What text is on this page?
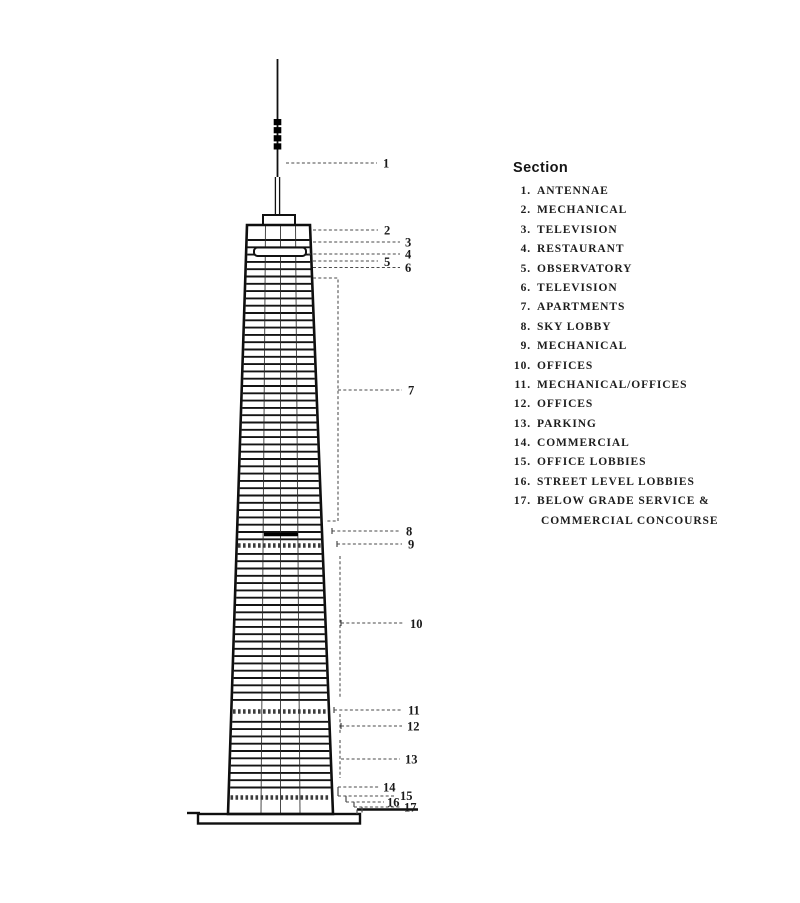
1
2
3
4
5 6
7
8
9
10
11
12
13
14
15
16 17
Section
1. ANTENNAE
2. MECHANICAL
3. TELEVISION
4. RESTAURANT
5. OBSERVATORY
6. TELEVISION
7. APARTMENTS
8. SKY LOBBY
9. MECHANICAL
10. OFFICES
11. MECHANICAL/OFFICES
12. OFFICES
13. PARKING
14. COMMERCIAL
15. OFFICE LOBBIES
16. STREET LEVEL LOBBIES
17. BELOW GRADE SERVICE &
COMMERCIAL CONCOURSE
